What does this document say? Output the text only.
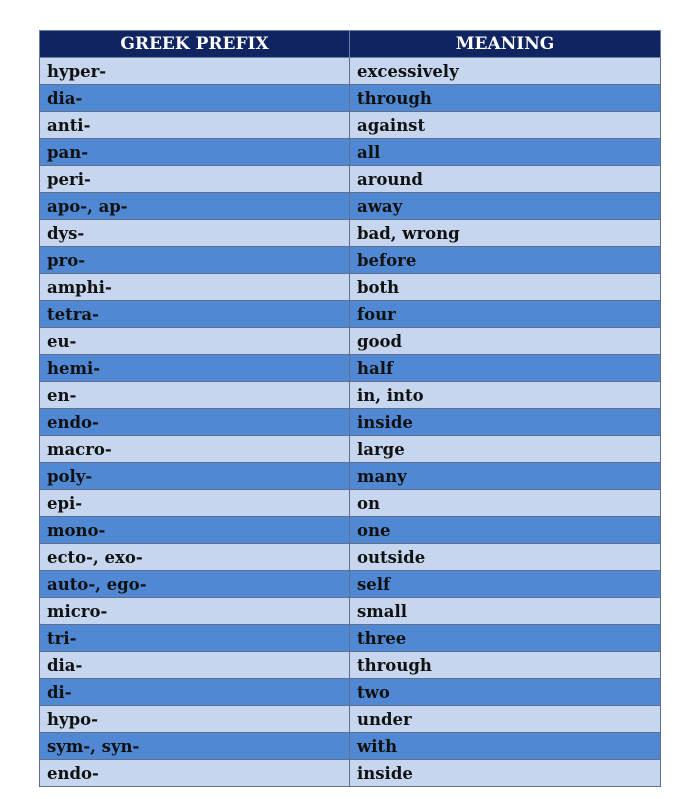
GREEK PREFIX	MEANING
hyper-	excessively
dia-	through
anti-	against
pan-	all
peri-	around
apo-, ap-	away
dys-	bad, wrong
pro-	before
amphi-	both
tetra-	four
eu-	good
hemi-	half
en-	in, into
endo-	inside
macro-	large
poly-	many
epi-	on
mono-	one
ecto-, exo-	outside
auto-, ego-	self
micro-	small
tri-	three
dia-	through
di-	two
hypo-	under
sym-, syn-	with
endo-	inside
